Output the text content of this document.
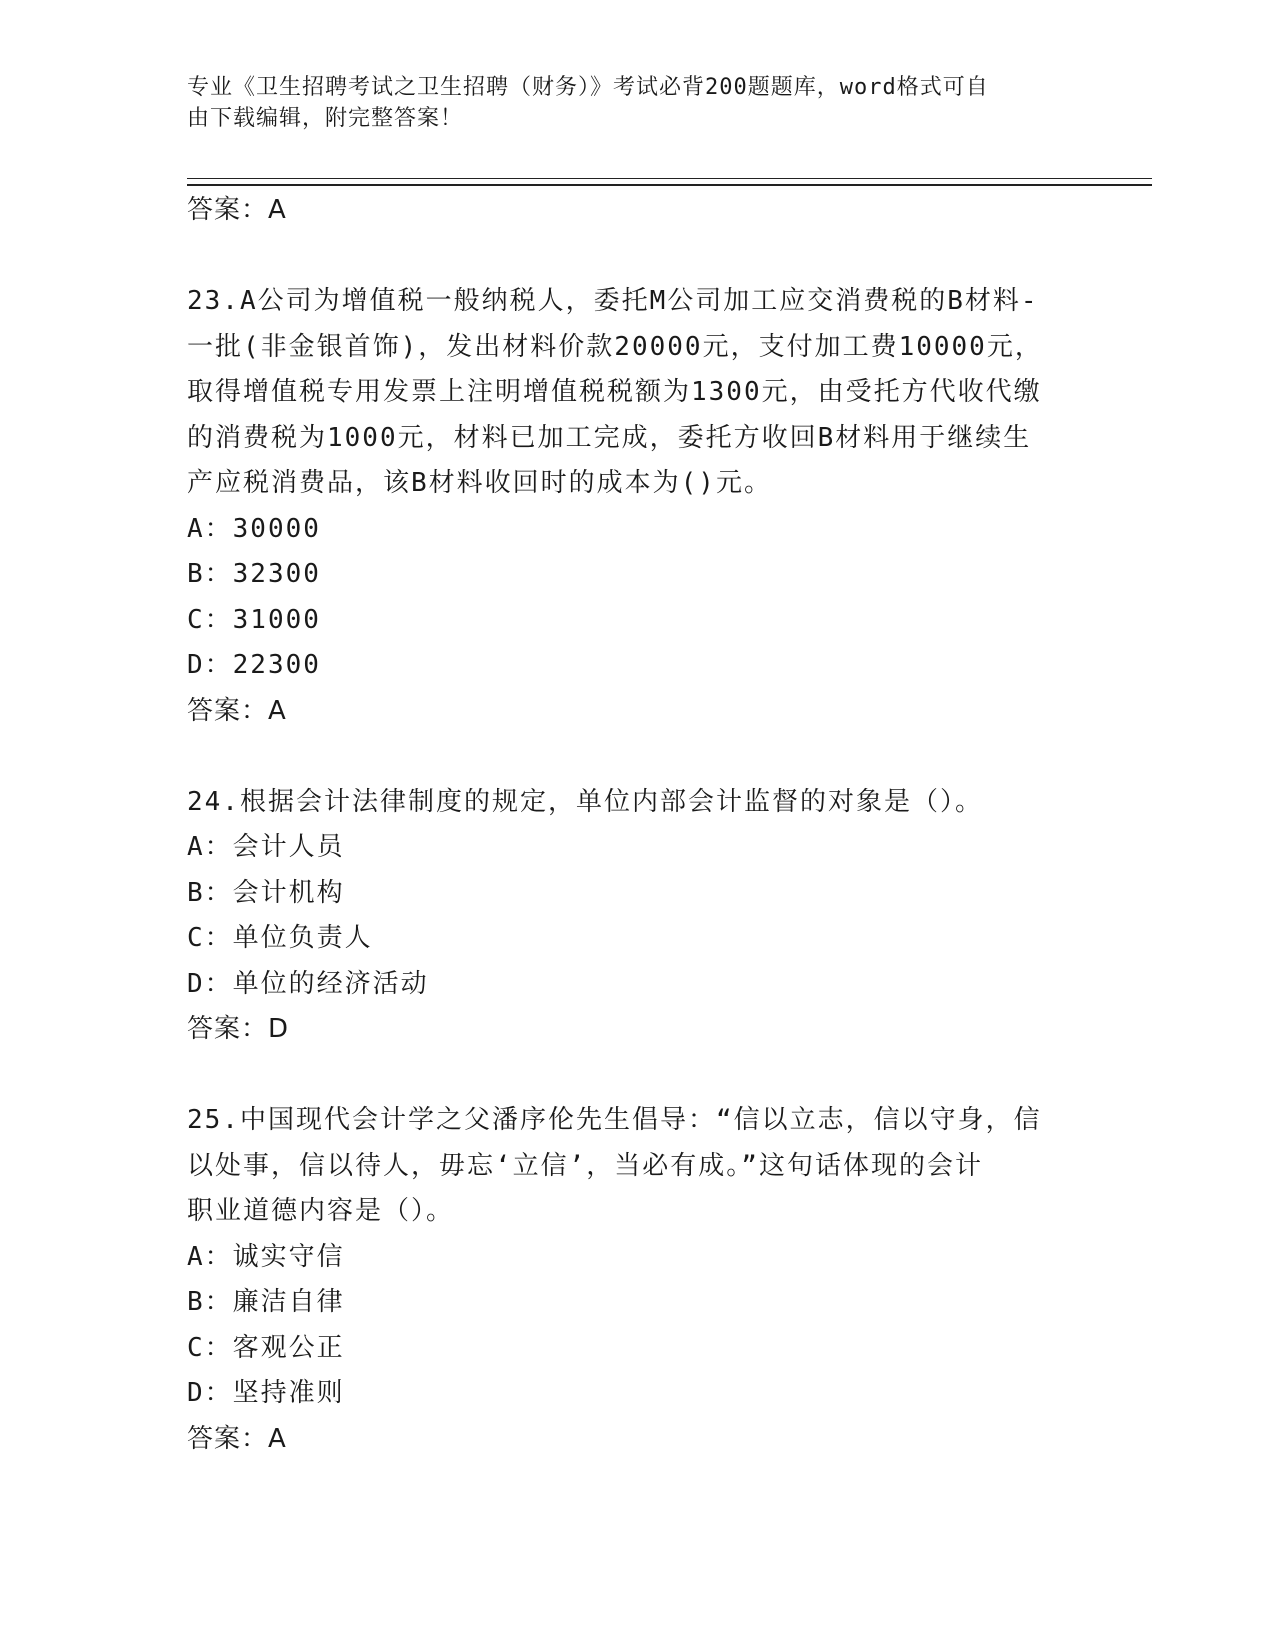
专业《卫生招聘考试之卫生招聘（财务）》考试必背200题题库，word格式可自
由下载编辑，附完整答案！
答案：A
23.A公司为增值税一般纳税人，委托M公司加工应交消费税的B材料-
一批(非金银首饰)，发出材料价款20000元，支付加工费10000元，
取得增值税专用发票上注明增值税税额为1300元，由受托方代收代缴
的消费税为1000元，材料已加工完成，委托方收回B材料用于继续生
产应税消费品，该B材料收回时的成本为()元。
A：30000
B：32300
C：31000
D：22300
答案：A
24.根据会计法律制度的规定，单位内部会计监督的对象是（）。
A：会计人员
B：会计机构
C：单位负责人
D：单位的经济活动
答案：D
25.中国现代会计学之父潘序伦先生倡导：“信以立志，信以守身，信
以处事，信以待人，毋忘‘立信’，当必有成。”这句话体现的会计
职业道德内容是（）。
A：诚实守信
B：廉洁自律
C：客观公正
D：坚持准则
答案：A
